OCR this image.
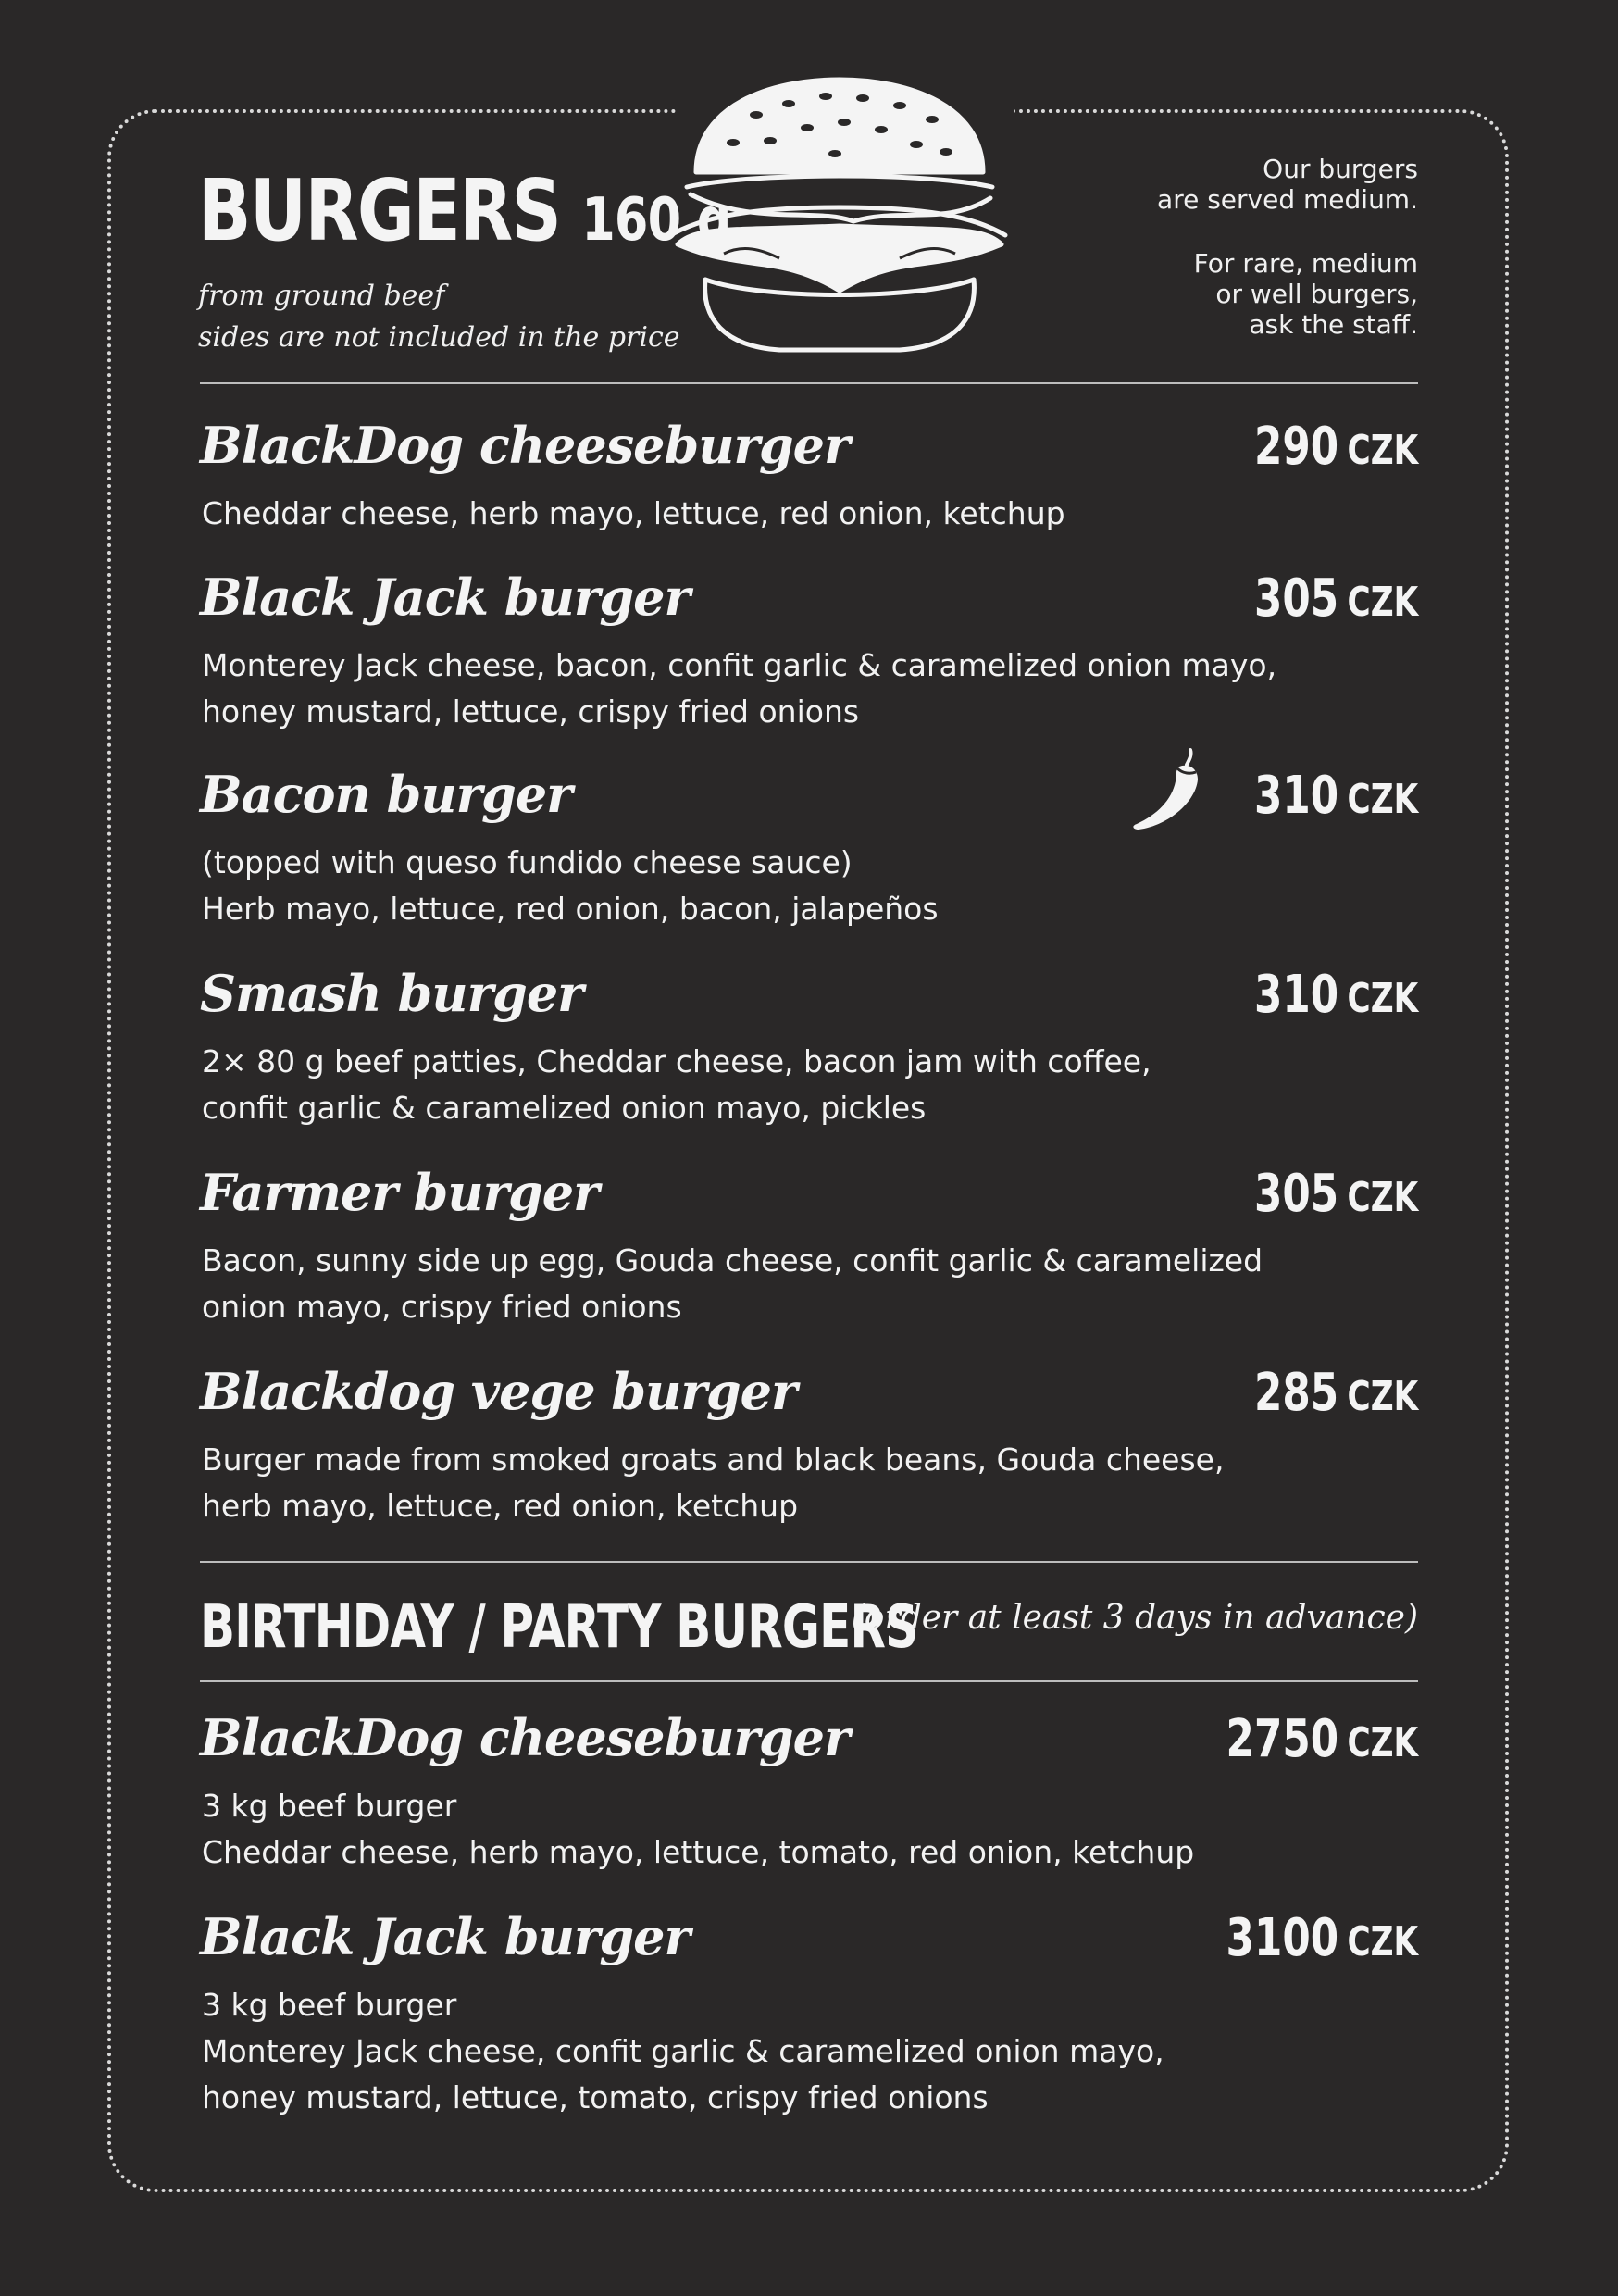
BURGERS 160 g

from ground beef

sides are not included in the price

Our burgers

are served medium.

For rare, medium

or well burgers,

ask the staff.

BlackDog cheeseburger	290 CZK

Cheddar cheese, herb mayo, lettuce, red onion, ketchup

Black Jack burger	305 CZK

Monterey Jack cheese, bacon, confit garlic & caramelized onion mayo,
honey mustard, lettuce, crispy fried onions

Bacon burger	310 CZK

(topped with queso fundido cheese sauce)
Herb mayo, lettuce, red onion, bacon, jalapeños

Smash burger	310 CZK

2× 80 g beef patties, Cheddar cheese, bacon jam with coffee,
confit garlic & caramelized onion mayo, pickles

Farmer burger	305 CZK

Bacon, sunny side up egg, Gouda cheese, confit garlic & caramelized
onion mayo, crispy fried onions

Blackdog vege burger	285 CZK

Burger made from smoked groats and black beans, Gouda cheese,
herb mayo, lettuce, red onion, ketchup

BIRTHDAY / PARTY BURGERS

(order at least 3 days in advance)

BlackDog cheeseburger	2750 CZK

3 kg beef burger
Cheddar cheese, herb mayo, lettuce, tomato, red onion, ketchup

Black Jack burger	3100 CZK

3 kg beef burger
Monterey Jack cheese, confit garlic & caramelized onion mayo,
honey mustard, lettuce, tomato, crispy fried onions
